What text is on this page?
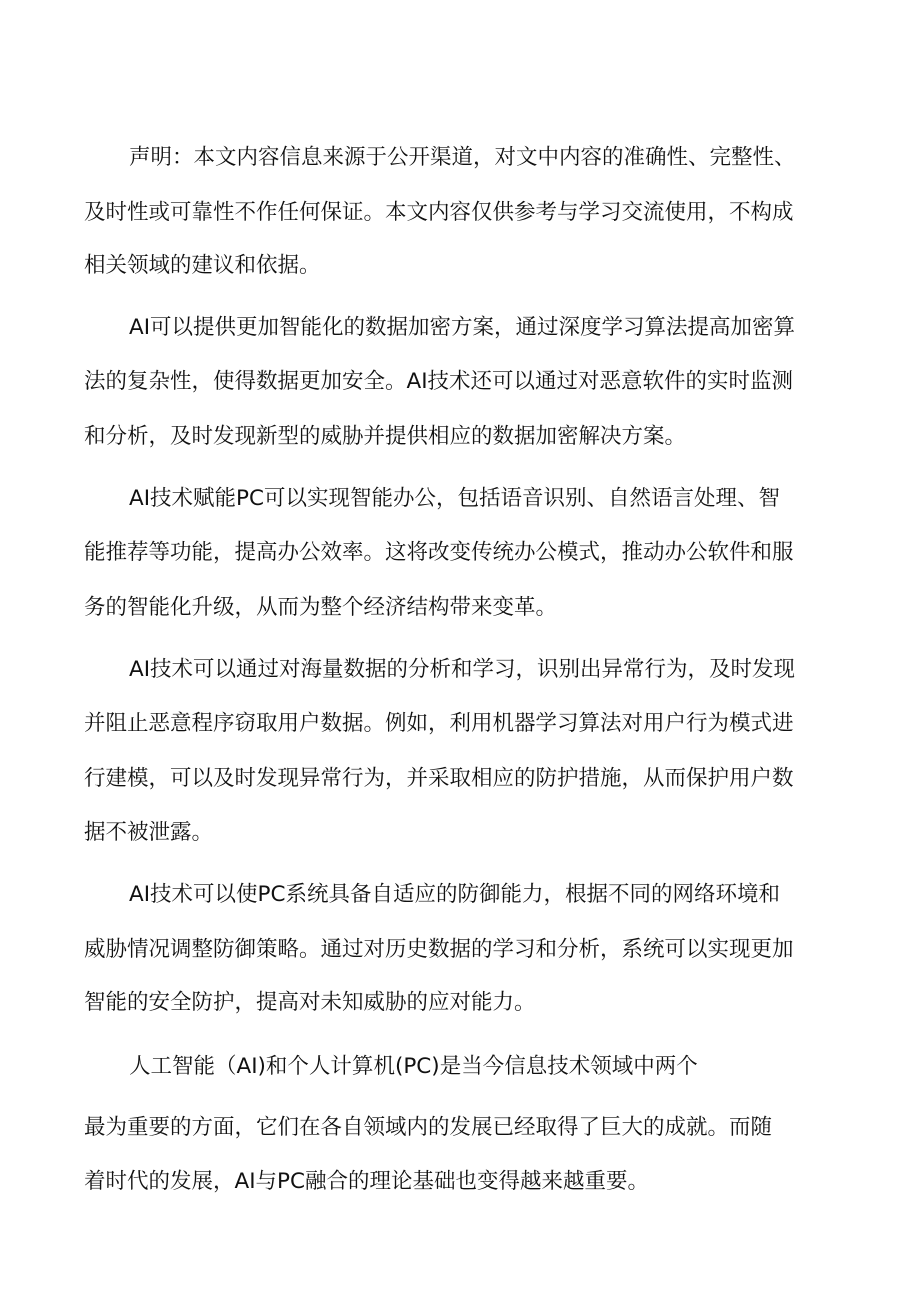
声明：本文内容信息来源于公开渠道，对文中内容的准确性、完整性、
及时性或可靠性不作任何保证。本文内容仅供参考与学习交流使用，不构成
相关领域的建议和依据。
AI可以提供更加智能化的数据加密方案，通过深度学习算法提高加密算
法的复杂性，使得数据更加安全。AI技术还可以通过对恶意软件的实时监测
和分析，及时发现新型的威胁并提供相应的数据加密解决方案。
AI技术赋能PC可以实现智能办公，包括语音识别、自然语言处理、智
能推荐等功能，提高办公效率。这将改变传统办公模式，推动办公软件和服
务的智能化升级，从而为整个经济结构带来变革。
AI技术可以通过对海量数据的分析和学习，识别出异常行为，及时发现
并阻止恶意程序窃取用户数据。例如，利用机器学习算法对用户行为模式进
行建模，可以及时发现异常行为，并采取相应的防护措施，从而保护用户数
据不被泄露。
AI技术可以使PC系统具备自适应的防御能力，根据不同的网络环境和
威胁情况调整防御策略。通过对历史数据的学习和分析，系统可以实现更加
智能的安全防护，提高对未知威胁的应对能力。
人工智能（AI)和个人计算机(PC)是当今信息技术领域中两个
最为重要的方面，它们在各自领域内的发展已经取得了巨大的成就。而随
着时代的发展，AI与PC融合的理论基础也变得越来越重要。
